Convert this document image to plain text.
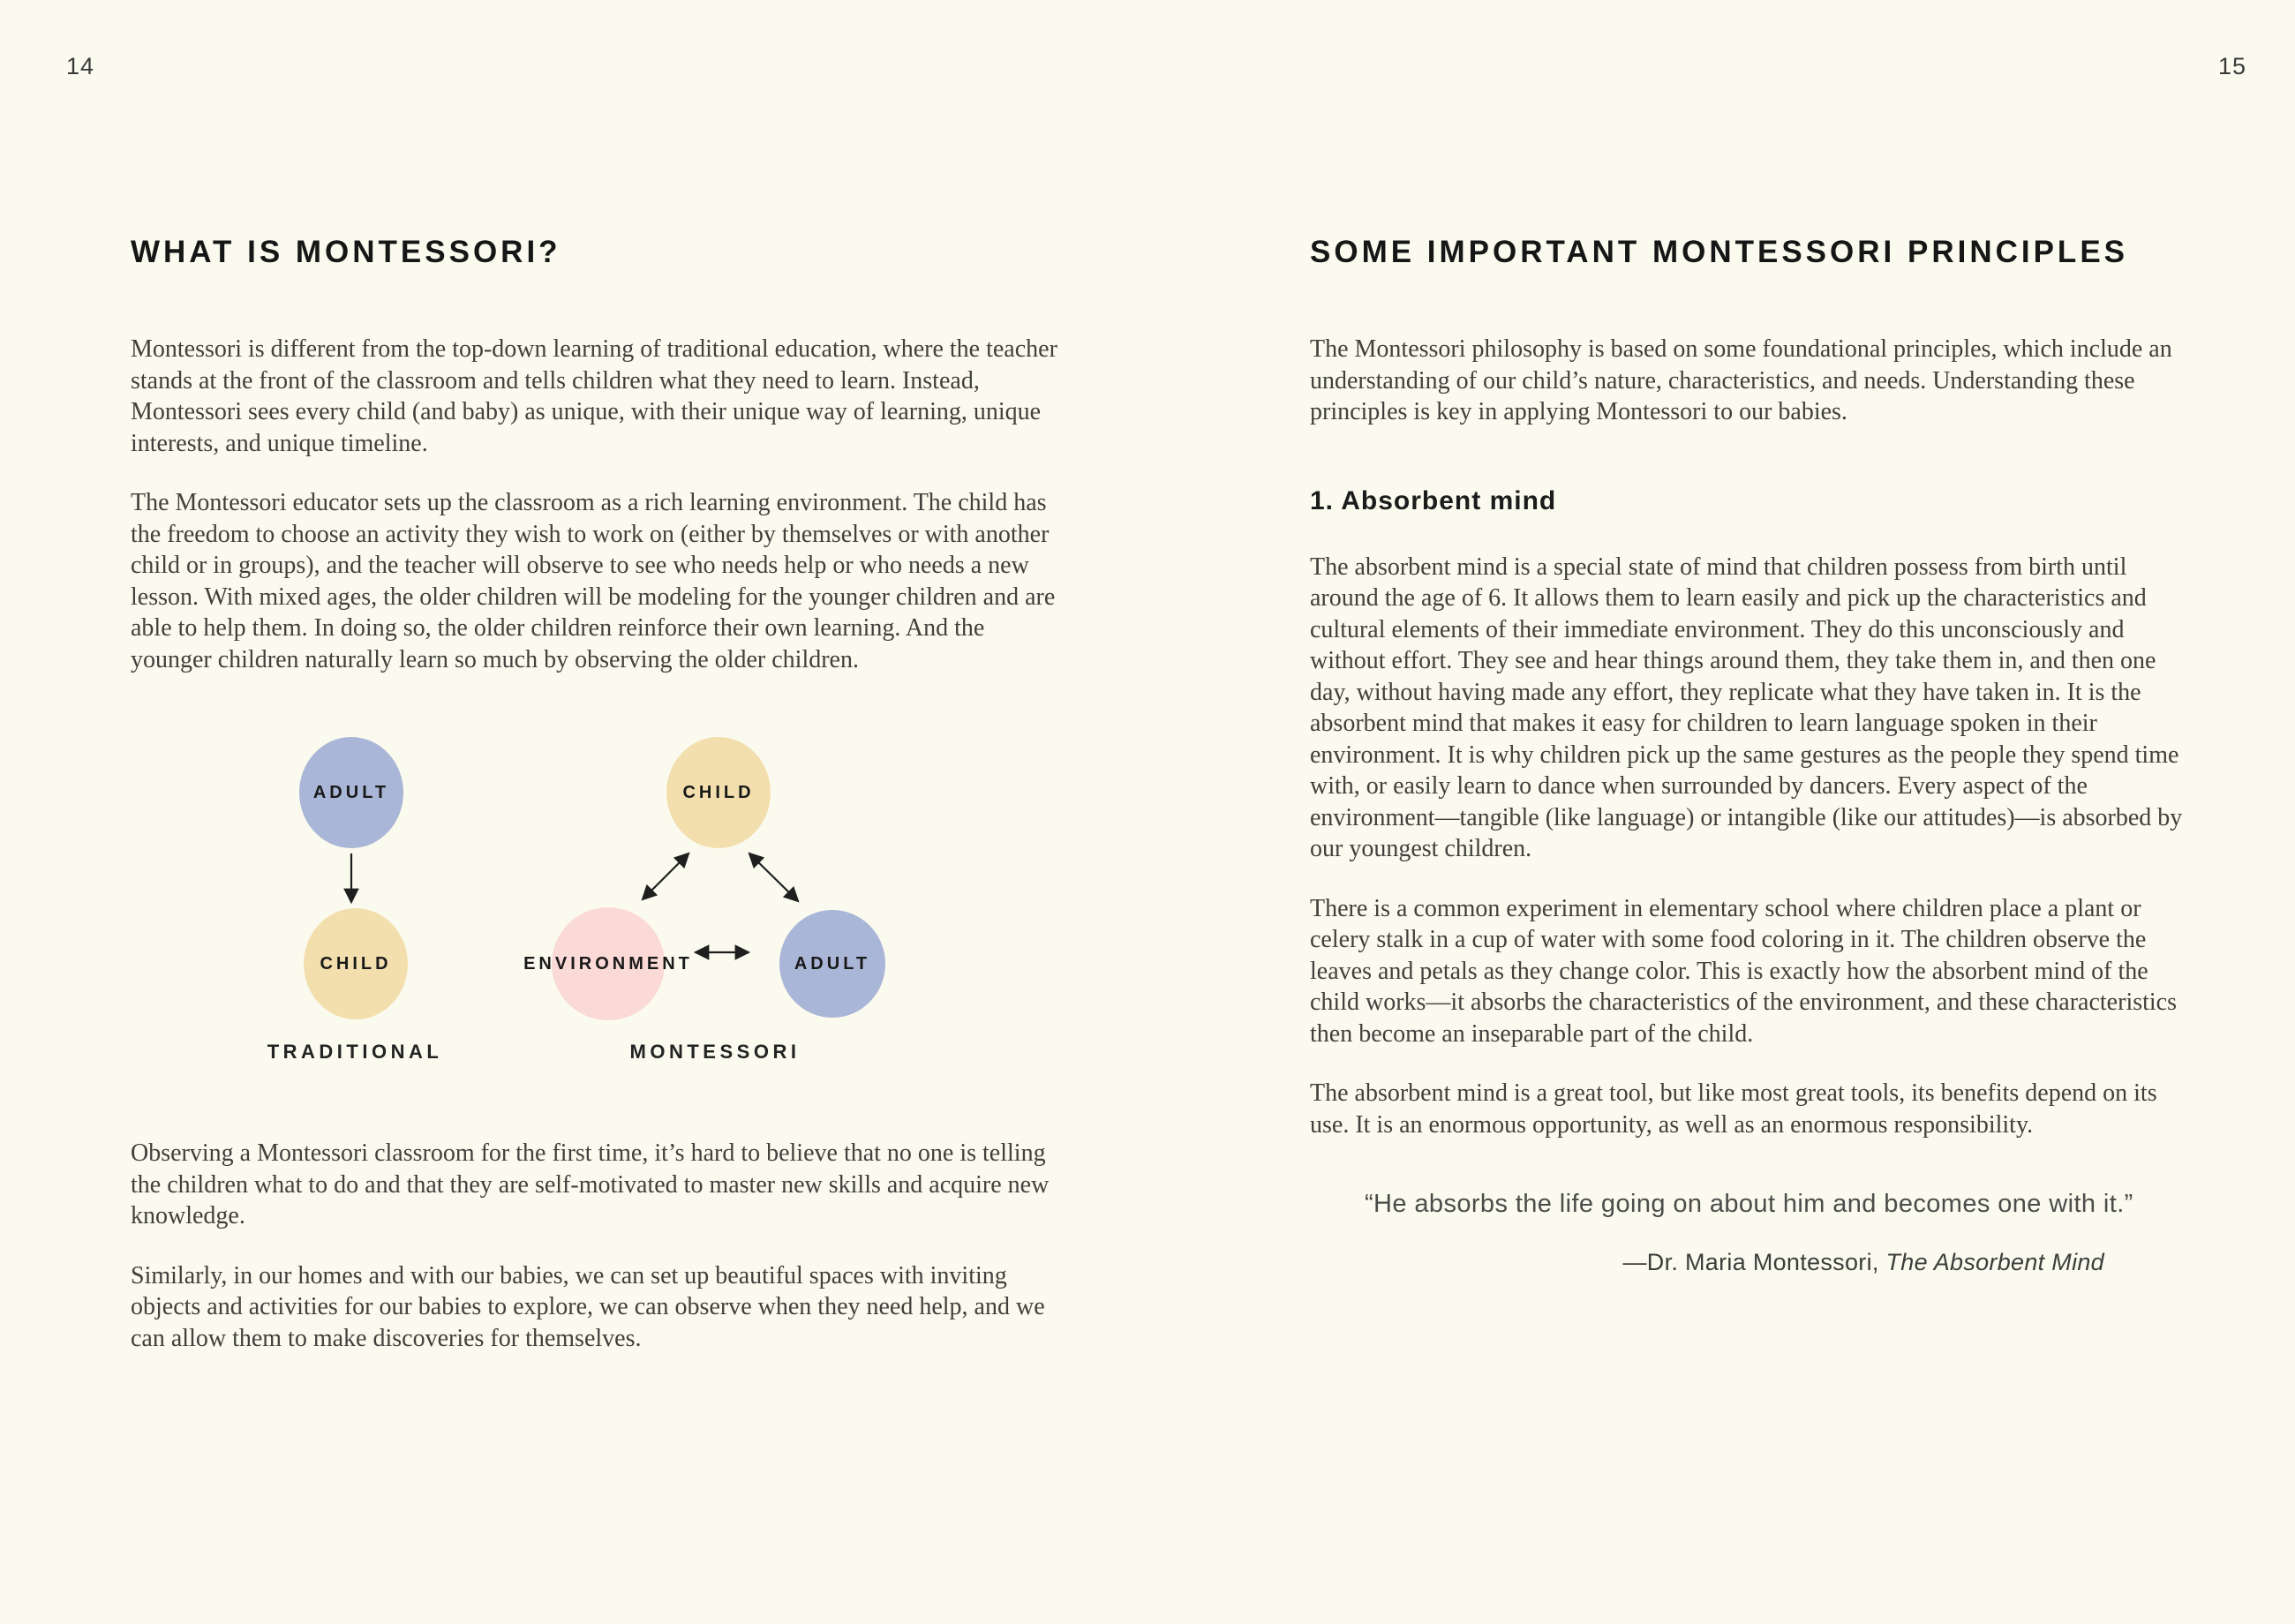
14
WHAT IS MONTESSORI?

Montessori is different from the top-down learning of traditional education, where the teacher stands at the front of the classroom and tells children what they need to learn. Instead, Montessori sees every child (and baby) as unique, with their unique way of learning, unique interests, and unique timeline.

The Montessori educator sets up the classroom as a rich learning environment. The child has the freedom to choose an activity they wish to work on (either by themselves or with another child or in groups), and the teacher will observe to see who needs help or who needs a new lesson. With mixed ages, the older children will be modeling for the younger children and are able to help them. In doing so, the older children reinforce their own learning. And the younger children naturally learn so much by observing the older children.

ADULT
CHILD
CHILD
ENVIRONMENT	ADULT
TRADITIONAL	MONTESSORI

Observing a Montessori classroom for the first time, it’s hard to believe that no one is telling the children what to do and that they are self-motivated to master new skills and acquire new knowledge.

Similarly, in our homes and with our babies, we can set up beautiful spaces with inviting objects and activities for our babies to explore, we can observe when they need help, and we can allow them to make discoveries for themselves.

15
SOME IMPORTANT MONTESSORI PRINCIPLES

The Montessori philosophy is based on some foundational principles, which include an understanding of our child’s nature, characteristics, and needs. Understanding these principles is key in applying Montessori to our babies.

1. Absorbent mind

The absorbent mind is a special state of mind that children possess from birth until around the age of 6. It allows them to learn easily and pick up the characteristics and cultural elements of their immediate environment. They do this unconsciously and without effort. They see and hear things around them, they take them in, and then one day, without having made any effort, they replicate what they have taken in. It is the absorbent mind that makes it easy for children to learn language spoken in their environment. It is why children pick up the same gestures as the people they spend time with, or easily learn to dance when surrounded by dancers. Every aspect of the environment—tangible (like language) or intangible (like our attitudes)—is absorbed by our youngest children.

There is a common experiment in elementary school where children place a plant or celery stalk in a cup of water with some food coloring in it. The children observe the leaves and petals as they change color. This is exactly how the absorbent mind of the child works—it absorbs the characteristics of the environment, and these characteristics then become an inseparable part of the child.

The absorbent mind is a great tool, but like most great tools, its benefits depend on its use. It is an enormous opportunity, as well as an enormous responsibility.

“He absorbs the life going on about him and becomes one with it.”
—Dr. Maria Montessori, The Absorbent Mind
